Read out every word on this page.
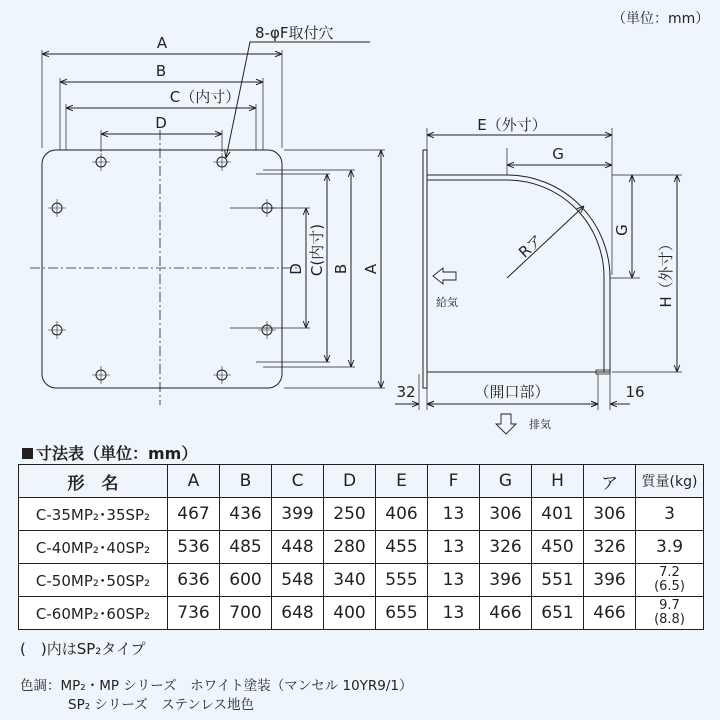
（単位：mm）
A
B
C（内寸）
D
8-φF取付穴
A
B
C(内寸)
D
E（外寸）
G
G
H（外寸）
Rア
給気
排気
（開口部）
32	16
寸法表（単位：mm）
形　名	A	B	C	D	E	F	G	H	ア	質量(kg)
C-35MP₂･35SP₂	467	436	399	250	406	13	306	401	306	3
C-40MP₂･40SP₂	536	485	448	280	455	13	326	450	326	3.9
C-50MP₂･50SP₂	636	600	548	340	555	13	396	551	396	7.2
(6.5)
C-60MP₂･60SP₂	736	700	648	400	655	13	466	651	466	9.7
(8.8)
(　)内はSP₂タイプ
色調：MP₂・MP シリーズ　ホワイト塗装（マンセル 10YR9/1）
SP₂ シリーズ　ステンレス地色
